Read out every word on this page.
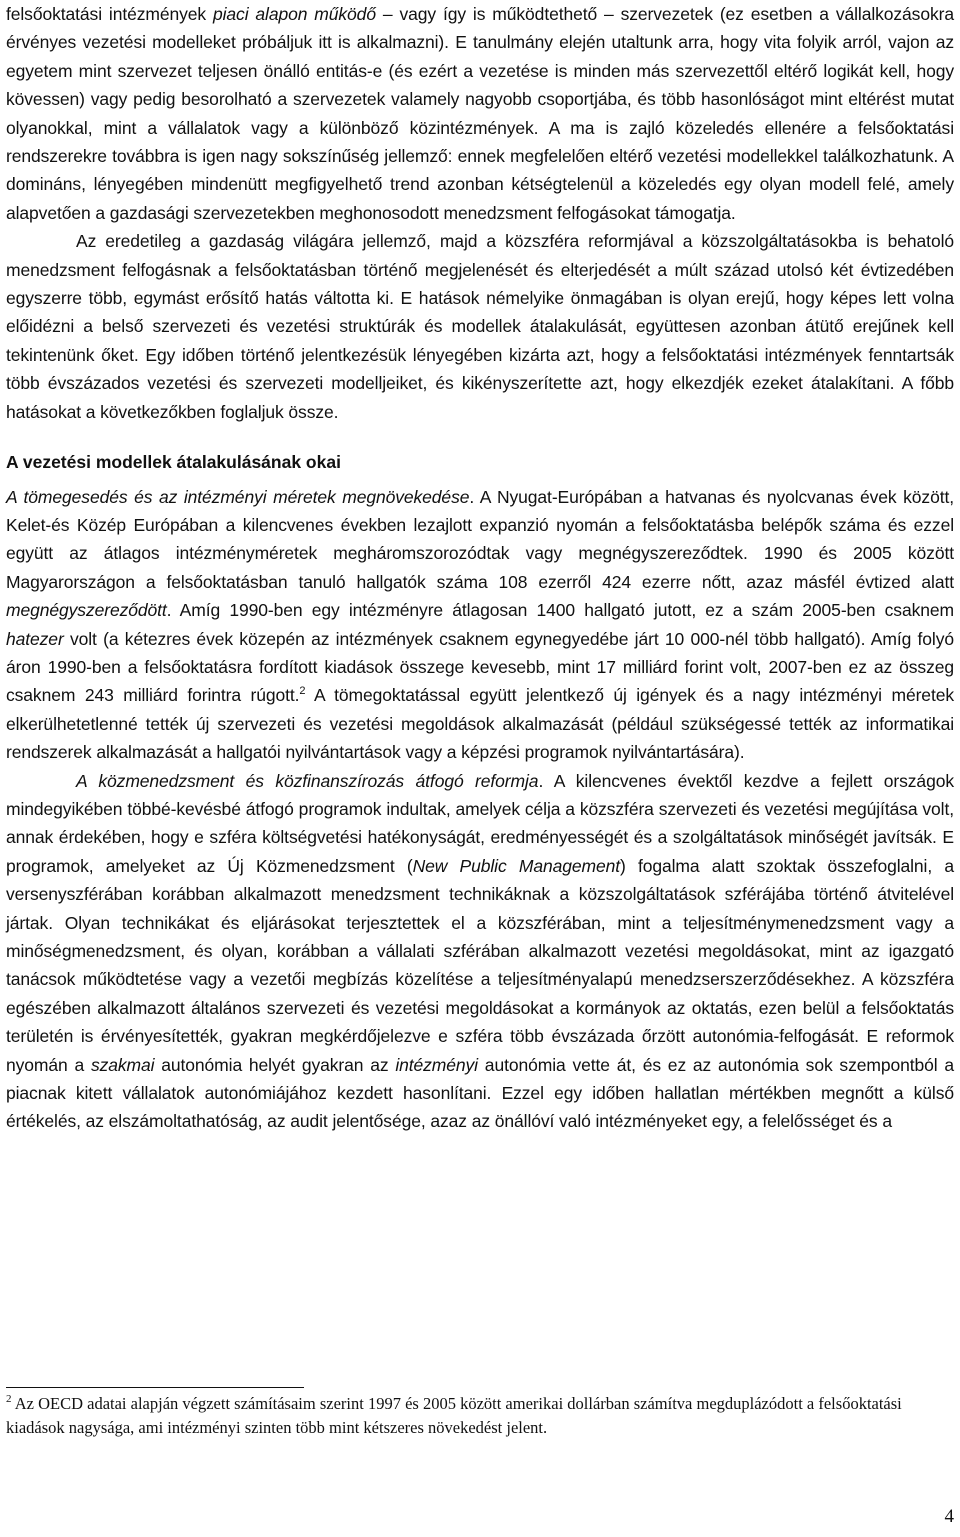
felsőoktatási intézmények piaci alapon működő – vagy így is működtethető – szervezetek (ez esetben a vállalkozásokra érvényes vezetési modelleket próbáljuk itt is alkalmazni). E tanulmány elején utaltunk arra, hogy vita folyik arról, vajon az egyetem mint szervezet teljesen önálló entitás-e (és ezért a vezetése is minden más szervezettől eltérő logikát kell, hogy kövessen) vagy pedig besorolható a szervezetek valamely nagyobb csoportjába, és több hasonlóságot mint eltérést mutat olyanokkal, mint a vállalatok vagy a különböző közintézmények. A ma is zajló közeledés ellenére a felsőoktatási rendszerekre továbbra is igen nagy sokszínűség jellemző: ennek megfelelően eltérő vezetési modellekkel találkozhatunk. A domináns, lényegében mindenütt megfigyelhető trend azonban kétségtelenül a közeledés egy olyan modell felé, amely alapvetően a gazdasági szervezetekben meghonosodott menedzsment felfogásokat támogatja.

Az eredetileg a gazdaság világára jellemző, majd a közszféra reformjával a közszolgáltatásokba is behatoló menedzsment felfogásnak a felsőoktatásban történő megjelenését és elterjedését a múlt század utolsó két évtizedében egyszerre több, egymást erősítő hatás váltotta ki. E hatások némelyike önmagában is olyan erejű, hogy képes lett volna előidézni a belső szervezeti és vezetési struktúrák és modellek átalakulását, együttesen azonban átütő erejűnek kell tekintenünk őket. Egy időben történő jelentkezésük lényegében kizárta azt, hogy a felsőoktatási intézmények fenntartsák több évszázados vezetési és szervezeti modelljeiket, és kikényszerítette azt, hogy elkezdjék ezeket átalakítani. A főbb hatásokat a következőkben foglaljuk össze.

A vezetési modellek átalakulásának okai

A tömegesedés és az intézményi méretek megnövekedése. A Nyugat-Európában a hatvanas és nyolcvanas évek között, Kelet-és Közép Európában a kilencvenes években lezajlott expanzió nyomán a felsőoktatásba belépők száma és ezzel együtt az átlagos intézményméretek megháromszorozódtak vagy megnégyszereződtek. 1990 és 2005 között Magyarországon a felsőoktatásban tanuló hallgatók száma 108 ezerről 424 ezerre nőtt, azaz másfél évtized alatt megnégyszereződött. Amíg 1990-ben egy intézményre átlagosan 1400 hallgató jutott, ez a szám 2005-ben csaknem hatezer volt (a kétezres évek közepén az intézmények csaknem egynegyedébe járt 10 000-nél több hallgató). Amíg folyó áron 1990-ben a felsőoktatásra fordított kiadások összege kevesebb, mint 17 milliárd forint volt, 2007-ben ez az összeg csaknem 243 milliárd forintra rúgott.$^2$ A tömegoktatással együtt jelentkező új igények és a nagy intézményi méretek elkerülhetetlenné tették új szervezeti és vezetési megoldások alkalmazását (például szükségessé tették az informatikai rendszerek alkalmazását a hallgatói nyilvántartások vagy a képzési programok nyilvántartására).

A közmenedzsment és közfinanszírozás átfogó reformja. A kilencvenes évektől kezdve a fejlett országok mindegyikében többé-kevésbé átfogó programok indultak, amelyek célja a közszféra szervezeti és vezetési megújítása volt, annak érdekében, hogy e szféra költségvetési hatékonyságát, eredményességét és a szolgáltatások minőségét javítsák. E programok, amelyeket az Új Közmenedzsment (New Public Management) fogalma alatt szoktak összefoglalni, a versenyszférában korábban alkalmazott menedzsment technikáknak a közszolgáltatások szférájába történő átvitelével jártak. Olyan technikákat és eljárásokat terjesztettek el a közszférában, mint a teljesítménymenedzsment vagy a minőségmenedzsment, és olyan, korábban a vállalati szférában alkalmazott vezetési megoldásokat, mint az igazgató tanácsok működtetése vagy a vezetői megbízás közelítése a teljesítményalapú menedzserszerződésekhez. A közszféra egészében alkalmazott általános szervezeti és vezetési megoldásokat a kormányok az oktatás, ezen belül a felsőoktatás területén is érvényesítették, gyakran megkérdőjelezve e szféra több évszázada őrzött autonómia-felfogását. E reformok nyomán a szakmai autonómia helyét gyakran az intézményi autonómia vette át, és ez az autonómia sok szempontból a piacnak kitett vállalatok autonómiájához kezdett hasonlítani. Ezzel egy időben hallatlan mértékben megnőtt a külső értékelés, az elszámoltathatóság, az audit jelentősége, azaz az önállóví való intézményeket egy, a felelősséget és a

$^2$ Az OECD adatai alapján végzett számításaim szerint 1997 és 2005 között amerikai dollárban számítva megduplázódott a felsőoktatási kiadások nagysága, ami intézményi szinten több mint kétszeres növekedést jelent.
4
